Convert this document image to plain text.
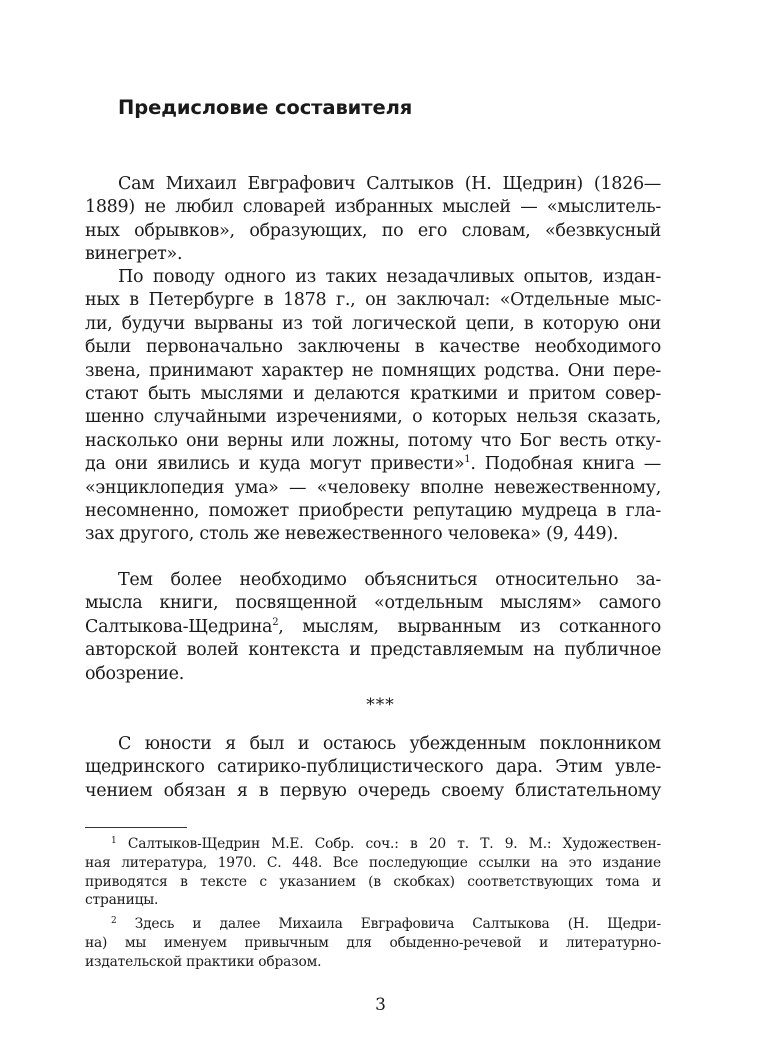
Предисловие составителя
Сам Михаил Евграфович Салтыков (Н. Щедрин) (1826—
1889) не любил словарей избранных мыслей — «мыслитель-
ных обрывков», образующих, по его словам, «безвкусный
винегрет».
По поводу одного из таких незадачливых опытов, издан-
ных в Петербурге в 1878 г., он заключал: «Отдельные мыс-
ли, будучи вырваны из той логической цепи, в которую они
были первоначально заключены в качестве необходимого
звена, принимают характер не помнящих родства. Они пере-
стают быть мыслями и делаются краткими и притом совер-
шенно случайными изречениями, о которых нельзя сказать,
насколько они верны или ложны, потому что Бог весть отку-
да они явились и куда могут привести»$^1$. Подобная книга —
«энциклопедия ума» — «человеку вполне невежественному,
несомненно, поможет приобрести репутацию мудреца в гла-
зах другого, столь же невежественного человека» (9, 449).
Тем более необходимо объясниться относительно за-
мысла книги, посвященной «отдельным мыслям» самого
Салтыкова-Щедрина$^2$, мыслям, вырванным из сотканного
авторской волей контекста и представляемым на публичное
обозрение.
***
С юности я был и остаюсь убежденным поклонником
щедринского сатирико-публицистического дара. Этим увле-
чением обязан я в первую очередь своему блистательному
$^1$ Салтыков-Щедрин М.Е. Собр. соч.: в 20 т. Т. 9. М.: Художествен-
ная литература, 1970. С. 448. Все последующие ссылки на это издание
приводятся в тексте с указанием (в скобках) соответствующих тома и
страницы.
$^2$ Здесь и далее Михаила Евграфовича Салтыкова (Н. Щедри-
на) мы именуем привычным для обыденно-речевой и литературно-
издательской практики образом.
3
